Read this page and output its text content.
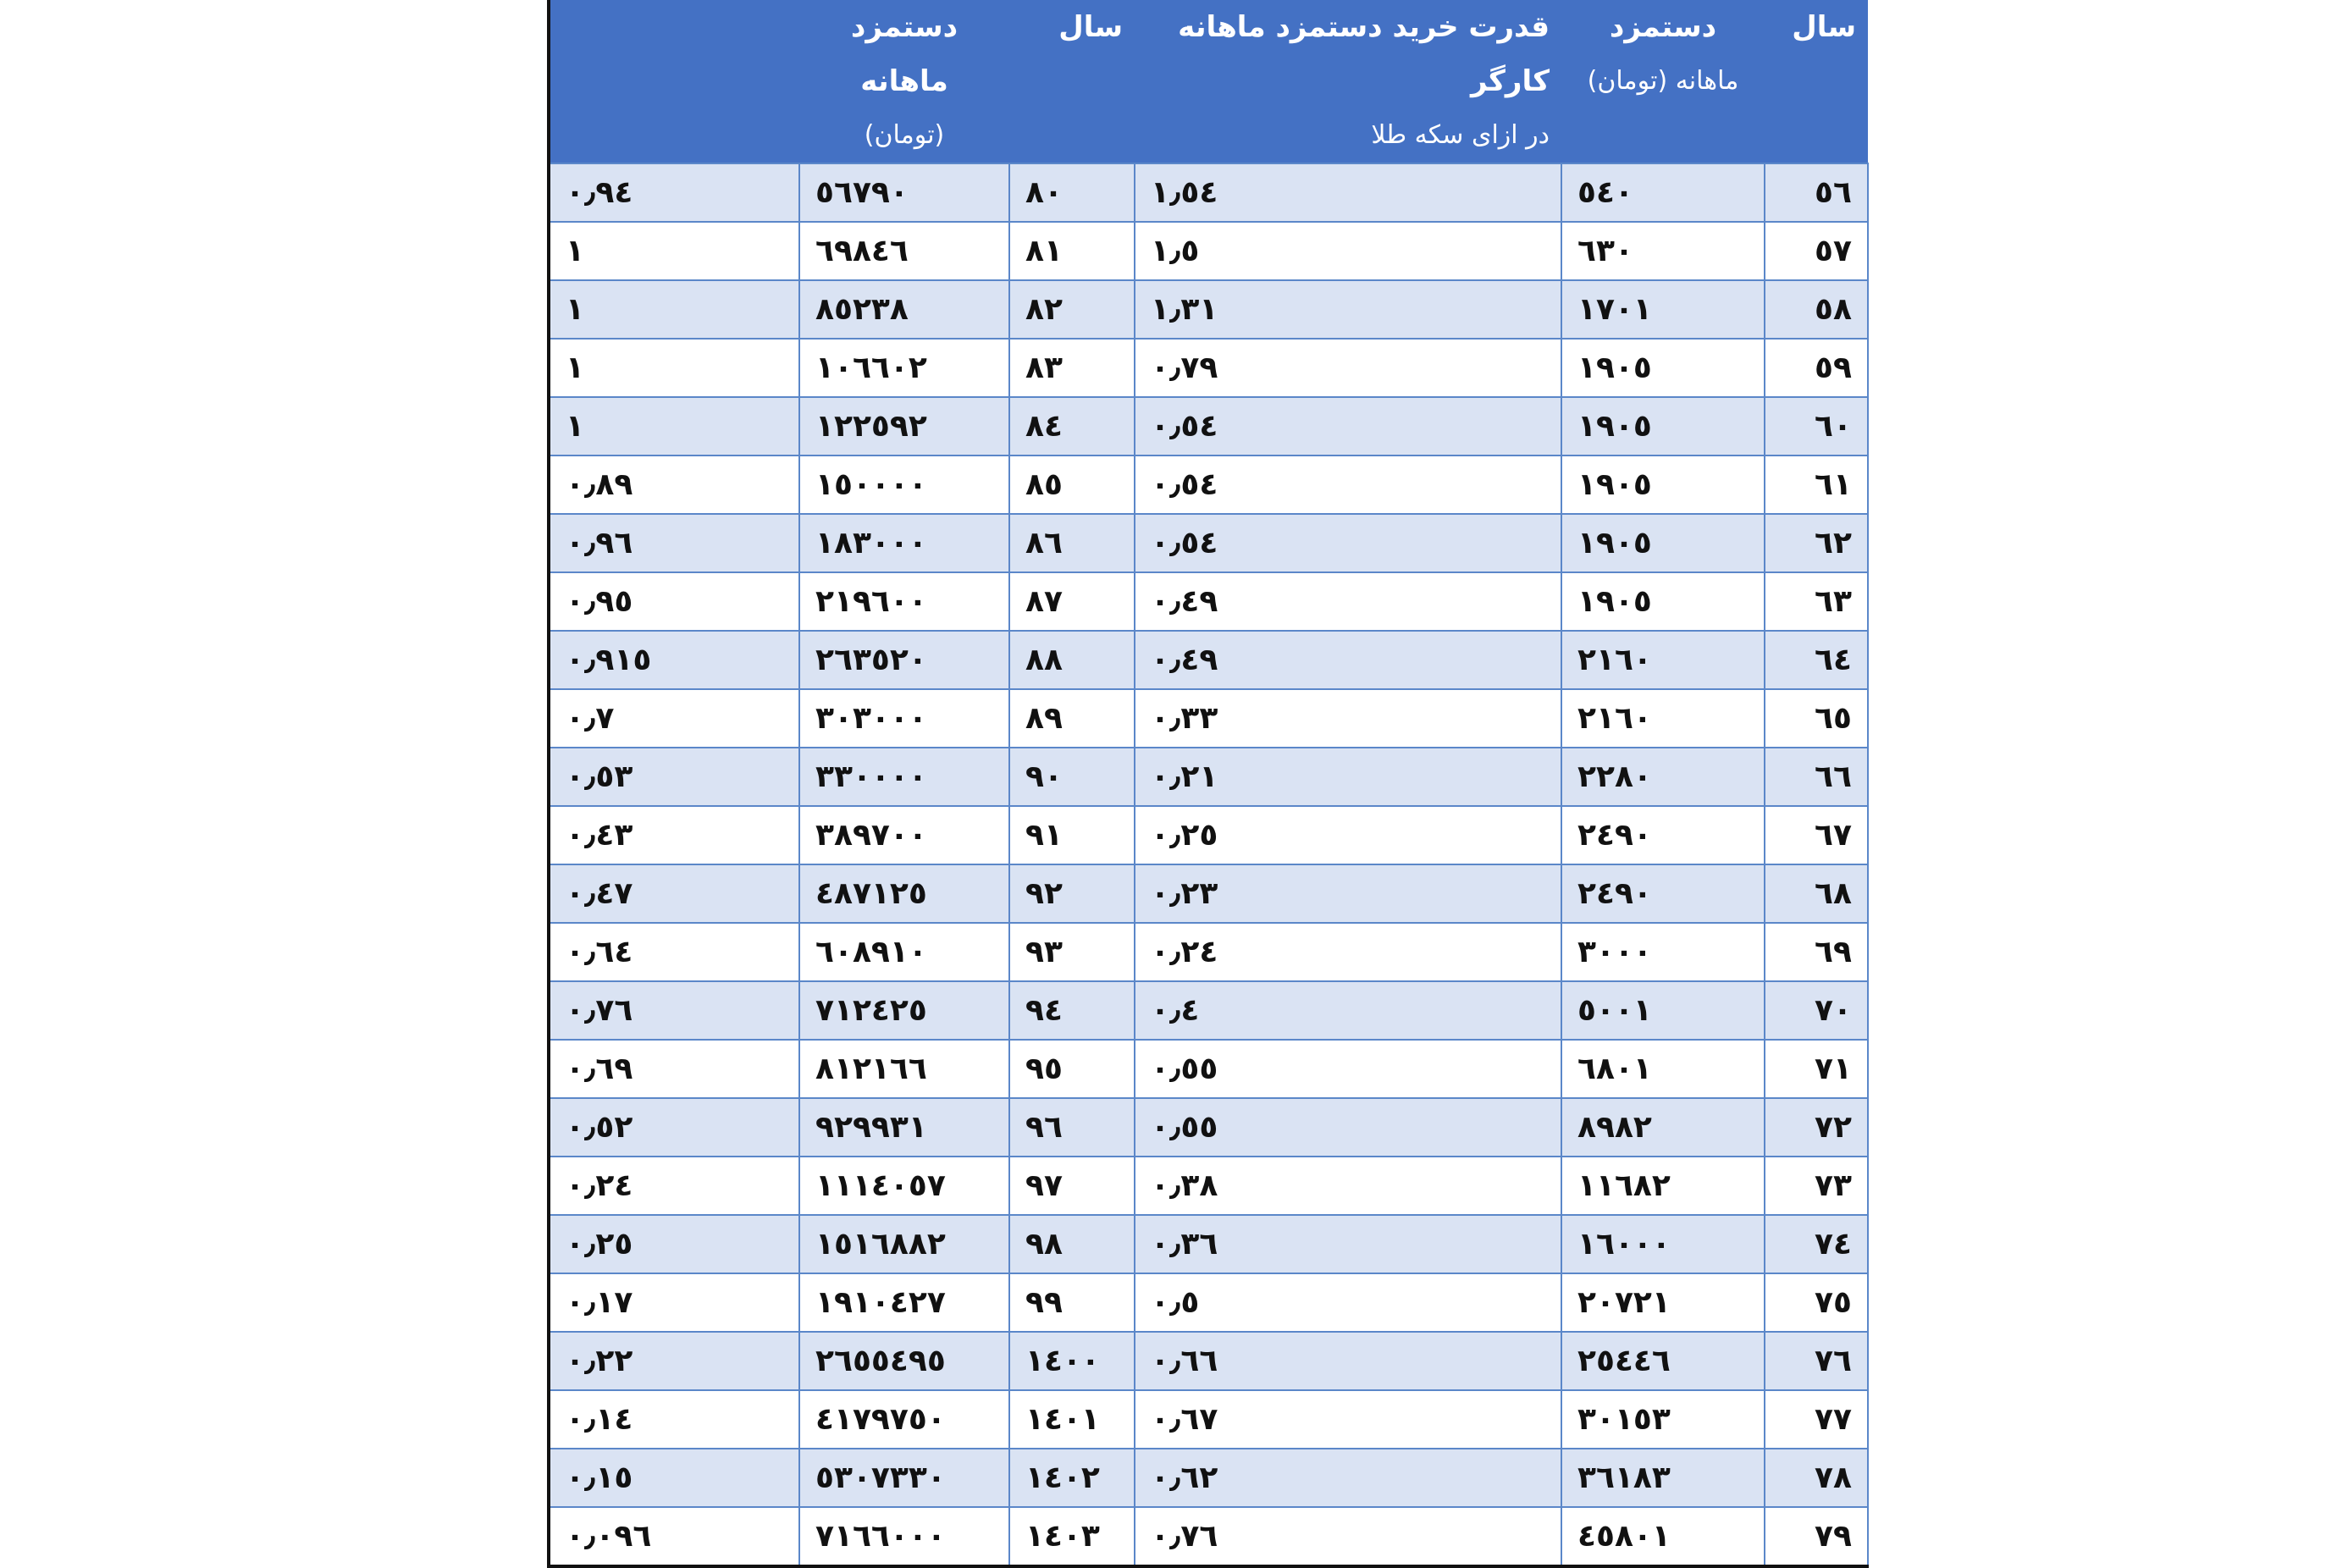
سال	دستمزد
ماهانه (تومان)	قدرت خرید دستمزد ماهانه کارگر
در ازای سکه طلا	سال	دستمزد ماهانه
(تومان)	

٥٦	٥٤٠	١٫٥٤	٨٠	٥٦٧٩٠	٠٫٩٤
٥٧	٦٣٠	١٫٥	٨١	٦٩٨٤٦	١
٥٨	١٧٠١	١٫٣١	٨٢	٨٥٢٣٨	١
٥٩	١٩٠٥	٠٫٧٩	٨٣	١٠٦٦٠٢	١
٦٠	١٩٠٥	٠٫٥٤	٨٤	١٢٢٥٩٢	١
٦١	١٩٠٥	٠٫٥٤	٨٥	١٥٠٠٠٠	٠٫٨٩
٦٢	١٩٠٥	٠٫٥٤	٨٦	١٨٣٠٠٠	٠٫٩٦
٦٣	١٩٠٥	٠٫٤٩	٨٧	٢١٩٦٠٠	٠٫٩٥
٦٤	٢١٦٠	٠٫٤٩	٨٨	٢٦٣٥٢٠	٠٫٩١٥
٦٥	٢١٦٠	٠٫٣٣	٨٩	٣٠٣٠٠٠	٠٫٧
٦٦	٢٢٨٠	٠٫٢١	٩٠	٣٣٠٠٠٠	٠٫٥٣
٦٧	٢٤٩٠	٠٫٢٥	٩١	٣٨٩٧٠٠	٠٫٤٣
٦٨	٢٤٩٠	٠٫٢٣	٩٢	٤٨٧١٢٥	٠٫٤٧
٦٩	٣٠٠٠	٠٫٢٤	٩٣	٦٠٨٩١٠	٠٫٦٤
٧٠	٥٠٠١	٠٫٤	٩٤	٧١٢٤٢٥	٠٫٧٦
٧١	٦٨٠١	٠٫٥٥	٩٥	٨١٢١٦٦	٠٫٦٩
٧٢	٨٩٨٢	٠٫٥٥	٩٦	٩٢٩٩٣١	٠٫٥٢
٧٣	١١٦٨٢	٠٫٣٨	٩٧	١١١٤٠٥٧	٠٫٢٤
٧٤	١٦٠٠٠	٠٫٣٦	٩٨	١٥١٦٨٨٢	٠٫٢٥
٧٥	٢٠٧٢١	٠٫٥	٩٩	١٩١٠٤٢٧	٠٫١٧
٧٦	٢٥٤٤٦	٠٫٦٦	١٤٠٠	٢٦٥٥٤٩٥	٠٫٢٢
٧٧	٣٠١٥٣	٠٫٦٧	١٤٠١	٤١٧٩٧٥٠	٠٫١٤
٧٨	٣٦١٨٣	٠٫٦٢	١٤٠٢	٥٣٠٧٣٣٠	٠٫١٥
٧٩	٤٥٨٠١	٠٫٧٦	١٤٠٣	٧١٦٦٠٠٠	٠٫٠٩٦
